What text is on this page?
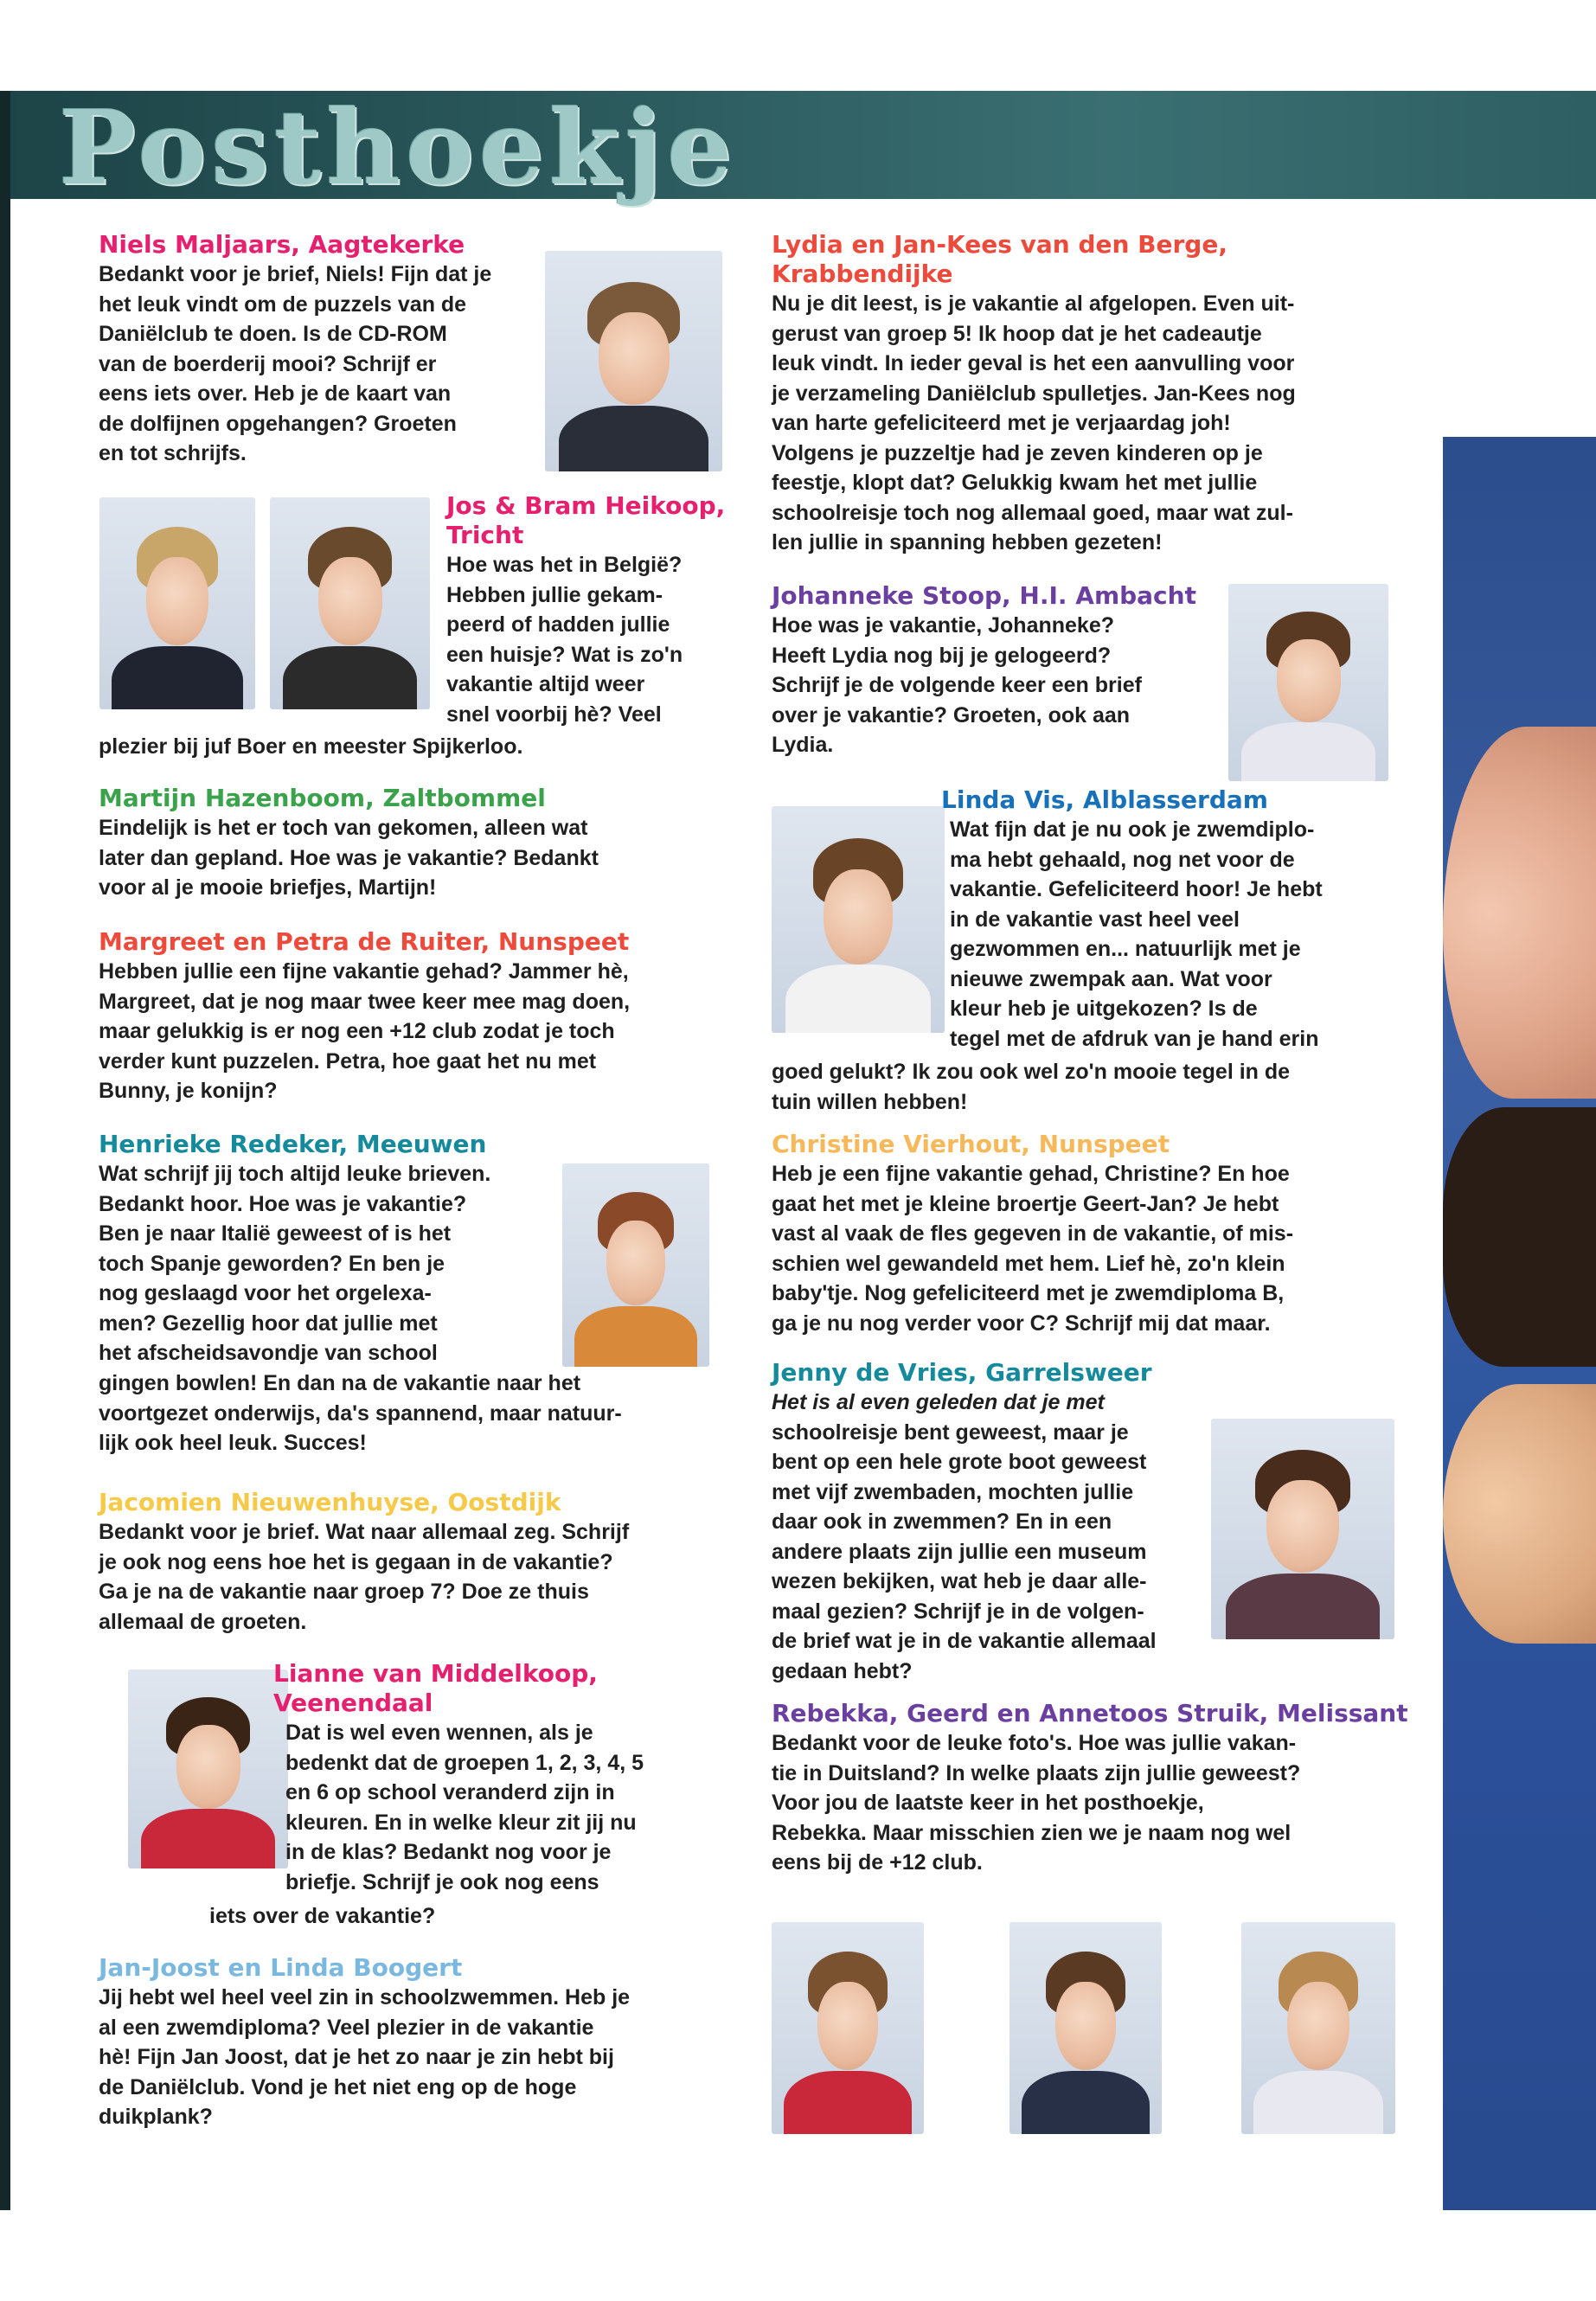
Posthoekje
Niels Maljaars, Aagtekerke
Bedankt voor je brief, Niels! Fijn dat je
het leuk vindt om de puzzels van de
Daniëlclub te doen. Is de CD-ROM
van de boerderij mooi? Schrijf er
eens iets over. Heb je de kaart van
de dolfijnen opgehangen? Groeten
en tot schrijfs.
Jos & Bram Heikoop, Tricht
Hoe was het in België?
Hebben jullie gekam-
peerd of hadden jullie
een huisje? Wat is zo'n
vakantie altijd weer
snel voorbij hè? Veel
plezier bij juf Boer en meester Spijkerloo.
Martijn Hazenboom, Zaltbommel
Eindelijk is het er toch van gekomen, alleen wat
later dan gepland. Hoe was je vakantie? Bedankt
voor al je mooie briefjes, Martijn!
Margreet en Petra de Ruiter, Nunspeet
Hebben jullie een fijne vakantie gehad? Jammer hè,
Margreet, dat je nog maar twee keer mee mag doen,
maar gelukkig is er nog een +12 club zodat je toch
verder kunt puzzelen. Petra, hoe gaat het nu met
Bunny, je konijn?
Henrieke Redeker, Meeuwen
Wat schrijf jij toch altijd leuke brieven.
Bedankt hoor. Hoe was je vakantie?
Ben je naar Italië geweest of is het
toch Spanje geworden? En ben je
nog geslaagd voor het orgelexa-
men? Gezellig hoor dat jullie met
het afscheidsavondje van school
gingen bowlen! En dan na de vakantie naar het
voortgezet onderwijs, da's spannend, maar natuur-
lijk ook heel leuk. Succes!
Jacomien Nieuwenhuyse, Oostdijk
Bedankt voor je brief. Wat naar allemaal zeg. Schrijf
je ook nog eens hoe het is gegaan in de vakantie?
Ga je na de vakantie naar groep 7? Doe ze thuis
allemaal de groeten.
Lianne van Middelkoop, Veenendaal
Dat is wel even wennen, als je
bedenkt dat de groepen 1, 2, 3, 4, 5
en 6 op school veranderd zijn in
kleuren. En in welke kleur zit jij nu
in de klas? Bedankt nog voor je
briefje. Schrijf je ook nog eens
iets over de vakantie?
Jan-Joost en Linda Boogert
Jij hebt wel heel veel zin in schoolzwemmen. Heb je
al een zwemdiploma? Veel plezier in de vakantie
hè! Fijn Jan Joost, dat je het zo naar je zin hebt bij
de Daniëlclub. Vond je het niet eng op de hoge
duikplank?
Lydia en Jan-Kees van den Berge, Krabbendijke
Nu je dit leest, is je vakantie al afgelopen. Even uit-
gerust van groep 5! Ik hoop dat je het cadeautje
leuk vindt. In ieder geval is het een aanvulling voor
je verzameling Daniëlclub spulletjes. Jan-Kees nog
van harte gefeliciteerd met je verjaardag joh!
Volgens je puzzeltje had je zeven kinderen op je
feestje, klopt dat? Gelukkig kwam het met jullie
schoolreisje toch nog allemaal goed, maar wat zul-
len jullie in spanning hebben gezeten!
Johanneke Stoop, H.I. Ambacht
Hoe was je vakantie, Johanneke?
Heeft Lydia nog bij je gelogeerd?
Schrijf je de volgende keer een brief
over je vakantie? Groeten, ook aan
Lydia.
Linda Vis, Alblasserdam
Wat fijn dat je nu ook je zwemdiplo-
ma hebt gehaald, nog net voor de
vakantie. Gefeliciteerd hoor! Je hebt
in de vakantie vast heel veel
gezwommen en... natuurlijk met je
nieuwe zwempak aan. Wat voor
kleur heb je uitgekozen? Is de
tegel met de afdruk van je hand erin
goed gelukt? Ik zou ook wel zo'n mooie tegel in de
tuin willen hebben!
Christine Vierhout, Nunspeet
Heb je een fijne vakantie gehad, Christine? En hoe
gaat het met je kleine broertje Geert-Jan? Je hebt
vast al vaak de fles gegeven in de vakantie, of mis-
schien wel gewandeld met hem. Lief hè, zo'n klein
baby'tje. Nog gefeliciteerd met je zwemdiploma B,
ga je nu nog verder voor C? Schrijf mij dat maar.
Jenny de Vries, Garrelsweer
Het is al even geleden dat je met
schoolreisje bent geweest, maar je
bent op een hele grote boot geweest
met vijf zwembaden, mochten jullie
daar ook in zwemmen? En in een
andere plaats zijn jullie een museum
wezen bekijken, wat heb je daar alle-
maal gezien? Schrijf je in de volgen-
de brief wat je in de vakantie allemaal
gedaan hebt?
Rebekka, Geerd en Annetoos Struik, Melissant
Bedankt voor de leuke foto's. Hoe was jullie vakan-
tie in Duitsland? In welke plaats zijn jullie geweest?
Voor jou de laatste keer in het posthoekje,
Rebekka. Maar misschien zien we je naam nog wel
eens bij de +12 club.
